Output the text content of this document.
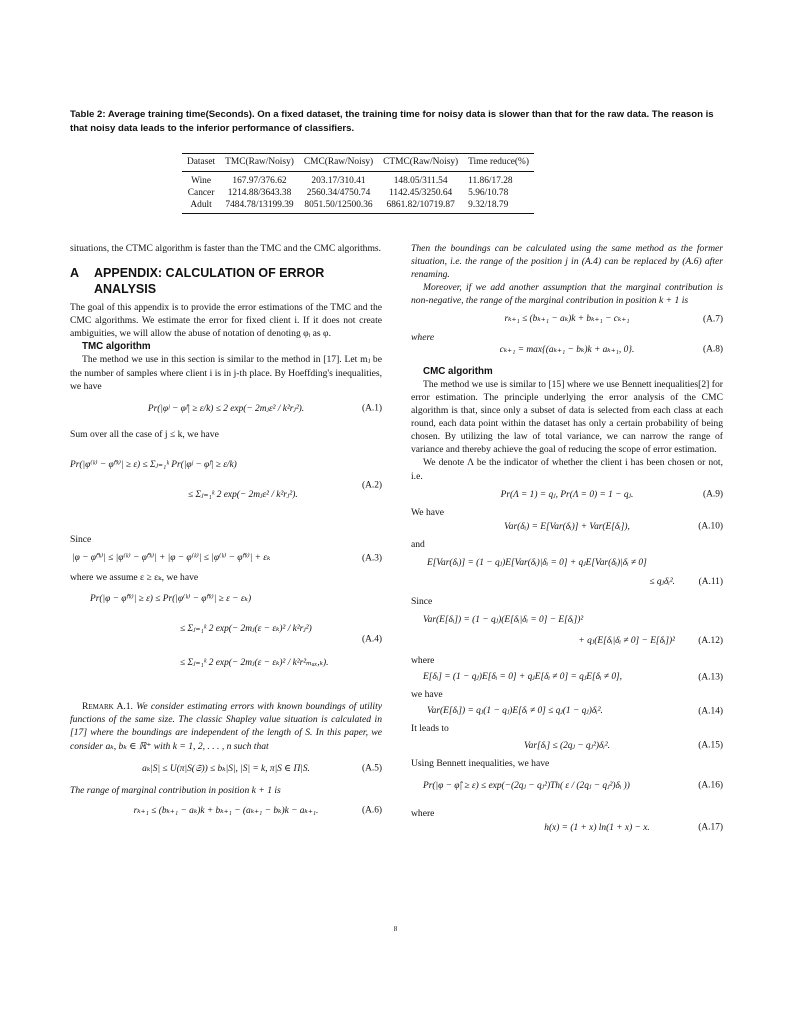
Table 2: Average training time(Seconds). On a fixed dataset, the training time for noisy data is slower than that for the raw data. The reason is that noisy data leads to the inferior performance of classifiers.
Dataset	TMC(Raw/Noisy)	CMC(Raw/Noisy)	CTMC(Raw/Noisy)	Time reduce(%)
Wine	167.97/376.62	203.17/310.41	148.05/311.54	11.86/17.28
Cancer	1214.88/3643.38	2560.34/4750.74	1142.45/3250.64	5.96/10.78
Adult	7484.78/13199.39	8051.50/12500.36	6861.82/10719.87	9.32/18.79

situations, the CTMC algorithm is faster than the TMC and the CMC algorithms.

A APPENDIX: CALCULATION OF ERROR
ANALYSIS

The goal of this appendix is to provide the error estimations of the TMC and the CMC algorithms. We estimate the error for fixed client i. If it does not create ambiguities, we will allow the abuse of notation of denoting φᵢ as φ.

TMC algorithm

The method we use in this section is similar to the method in [17]. Let mⱼ be the number of samples where client i is in j-th place. By Hoeffding's inequalities, we have

Pr(|φʲ − φ̂ʲ| ≥ ε/k) ≤ 2 exp(− 2mⱼε² / k²rⱼ²).	(A.1)

Sum over all the case of j ≤ k, we have

Pr(|φ⁽ᵏ⁾ − φ̂⁽ᵏ⁾| ≥ ε) ≤ Σⱼ₌₁ᵏ Pr(|φʲ − φ̂ʲ| ≥ ε/k)
≤ Σⱼ₌₁ᵏ 2 exp(− 2mⱼε² / k²rⱼ²).
(A.2)

Since

|φ − φ̂⁽ᵏ⁾| ≤ |φ⁽ᵏ⁾ − φ̂⁽ᵏ⁾| + |φ − φ⁽ᵏ⁾| ≤ |φ⁽ᵏ⁾ − φ̂⁽ᵏ⁾| + εₖ	(A.3)

where we assume ε ≥ εₖ, we have

Pr(|φ − φ̂⁽ᵏ⁾| ≥ ε) ≤ Pr(|φ⁽ᵏ⁾ − φ̂⁽ᵏ⁾| ≥ ε − εₖ)
≤ Σⱼ₌₁ᵏ 2 exp(− 2mⱼ(ε − εₖ)² / k²rⱼ²)
≤ Σⱼ₌₁ᵏ 2 exp(− 2mⱼ(ε − εₖ)² / k²r²ₘₐₓ,ₖ).
(A.4)

Remark A.1. We consider estimating errors with known boundings of utility functions of the same size. The classic Shapley value situation is calculated in [17] where the boundings are independent of the length of S. In this paper, we consider aₖ, bₖ ∈ ℝ⁺ with k = 1, 2, . . . , n such that

aₖ|S| ≤ U(π|S(𝔖)) ≤ bₖ|S|, |S| = k, π|S ∈ Π|S.	(A.5)

The range of marginal contribution in position k + 1 is

rₖ₊₁ ≤ (bₖ₊₁ − aₖ)k + bₖ₊₁ − (aₖ₊₁ − bₖ)k − aₖ₊₁.	(A.6)

Then the boundings can be calculated using the same method as the former situation, i.e. the range of the position j in (A.4) can be replaced by (A.6) after renaming.

Moreover, if we add another assumption that the marginal contribution is non-negative, the range of the marginal contribution in position k + 1 is

rₖ₊₁ ≤ (bₖ₊₁ − aₖ)k + bₖ₊₁ − cₖ₊₁	(A.7)

where

cₖ₊₁ = max{(aₖ₊₁ − bₖ)k + aₖ₊₁, 0}.	(A.8)

CMC algorithm

The method we use is similar to [15] where we use Bennett inequalities[2] for error estimation. The principle underlying the error analysis of the CMC algorithm is that, since only a subset of data is selected from each class at each round, each data point within the dataset has only a certain probability of being chosen. By utilizing the law of total variance, we can narrow the range of variance and thereby achieve the goal of reducing the scope of error estimation.

We denote Λ be the indicator of whether the client i has been chosen or not, i.e.

Pr(Λ = 1) = qⱼ, Pr(Λ = 0) = 1 − qⱼ.	(A.9)

We have

Var(δᵢ) = E[Var(δᵢ)] + Var(E[δᵢ]),	(A.10)

and

E[Var(δᵢ)] = (1 − qⱼ)E[Var(δᵢ)|δᵢ = 0] + qⱼE[Var(δᵢ)|δᵢ ≠ 0]
≤ qⱼδᵢ².	(A.11)

Since

Var(E[δᵢ]) = (1 − qⱼ)(E[δᵢ|δᵢ = 0] − E[δᵢ])²
+ qⱼ(E[δᵢ|δᵢ ≠ 0] − E[δᵢ])²	(A.12)

where

E[δᵢ] = (1 − qⱼ)E[δᵢ = 0] + qⱼE[δᵢ ≠ 0] = qⱼE[δᵢ ≠ 0],	(A.13)

we have

Var(E[δᵢ]) = qⱼ(1 − qⱼ)E[δᵢ ≠ 0] ≤ qⱼ(1 − qⱼ)δᵢ².	(A.14)

It leads to

Var[δᵢ] ≤ (2qⱼ − qⱼ²)δᵢ².	(A.15)

Using Bennett inequalities, we have

Pr(|φ − φ̂| ≥ ε) ≤ exp(−(2qⱼ − qⱼ²)Th( ε / (2qⱼ − qⱼ²)δᵢ ))	(A.16)

where

h(x) = (1 + x) ln(1 + x) − x.	(A.17)
8
